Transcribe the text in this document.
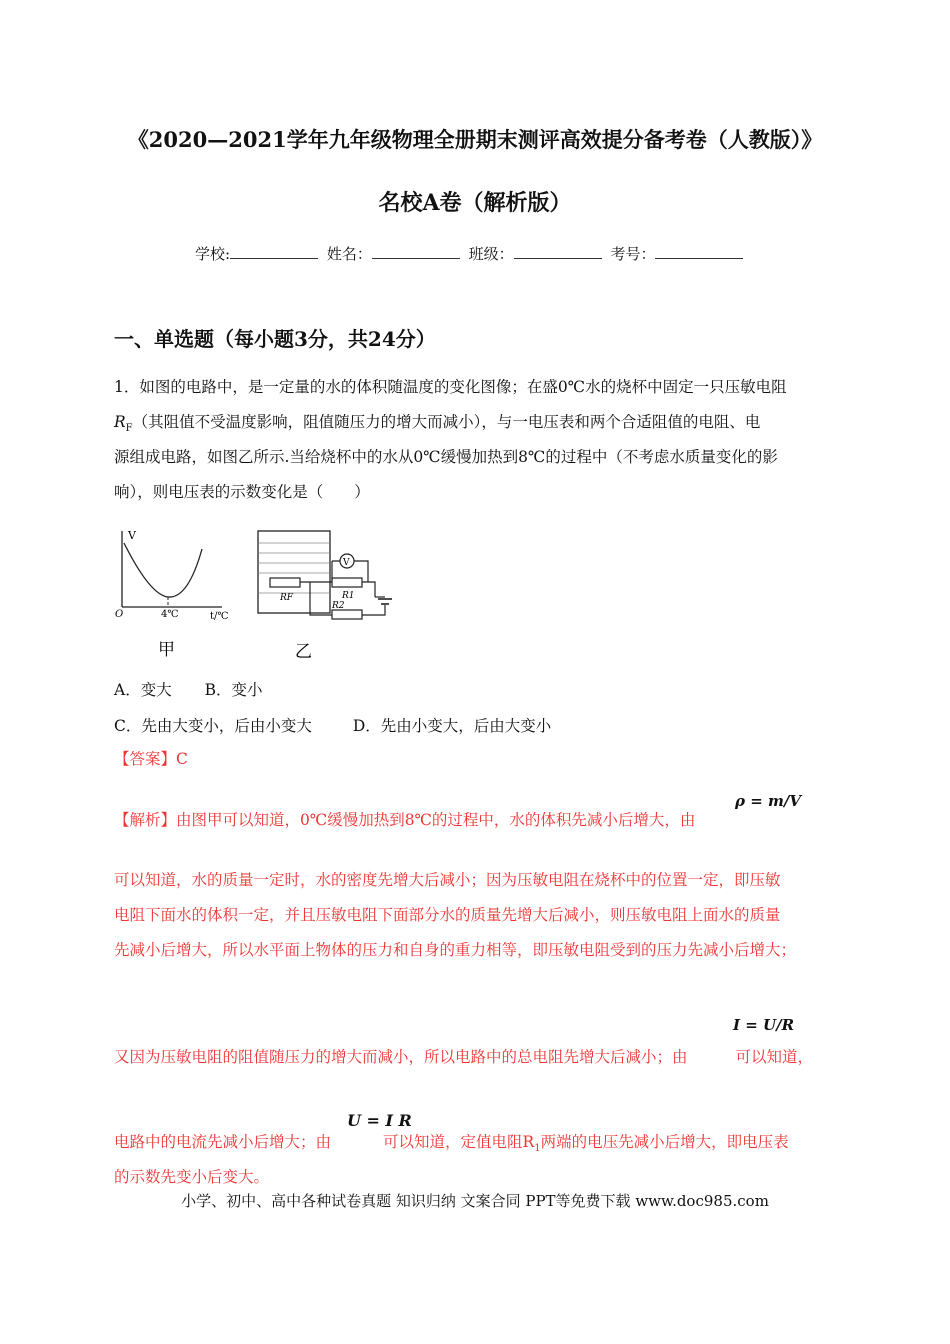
《2020—2021学年九年级物理全册期末测评高效提分备考卷（人教版）》
名校A卷（解析版）
学校:	姓名：	班级：	考号：
一、单选题（每小题3分，共24分）
1．如图的电路中，是一定量的水的体积随温度的变化图像；在盛0℃水的烧杯中固定一只压敏电阻
$R_F$（其阻值不受温度影响，阻值随压力的增大而减小），与一电压表和两个合适阻值的电阻、电
源组成电路，如图乙所示.当给烧杯中的水从0℃缓慢加热到8℃的过程中（不考虑水质量变化的影
响），则电压表的示数变化是（　　）
V
t/℃
O	4℃
甲
RF	R1
R2
V
乙
A．变大 B．变小
C．先由大变小，后由小变大	D．先由小变大，后由大变小
【答案】C
【解析】由图甲可以知道，0℃缓慢加热到8℃的过程中，水的体积先减小后增大，由
ρ = m/V
可以知道，水的质量一定时，水的密度先增大后减小；因为压敏电阻在烧杯中的位置一定，即压敏
电阻下面水的体积一定，并且压敏电阻下面部分水的质量先增大后减小，则压敏电阻上面水的质量
先减小后增大，所以水平面上物体的压力和自身的重力相等，即压敏电阻受到的压力先减小后增大；
I = U/R
又因为压敏电阻的阻值随压力的增大而减小，所以电路中的总电阻先增大后减小；由	可以知道，
U = I R
电路中的电流先减小后增大；由	可以知道，定值电阻$R_1$两端的电压先减小后增大，即电压表
的示数先变小后变大。
小学、初中、高中各种试卷真题 知识归纳 文案合同 PPT等免费下载 www.doc985.com
